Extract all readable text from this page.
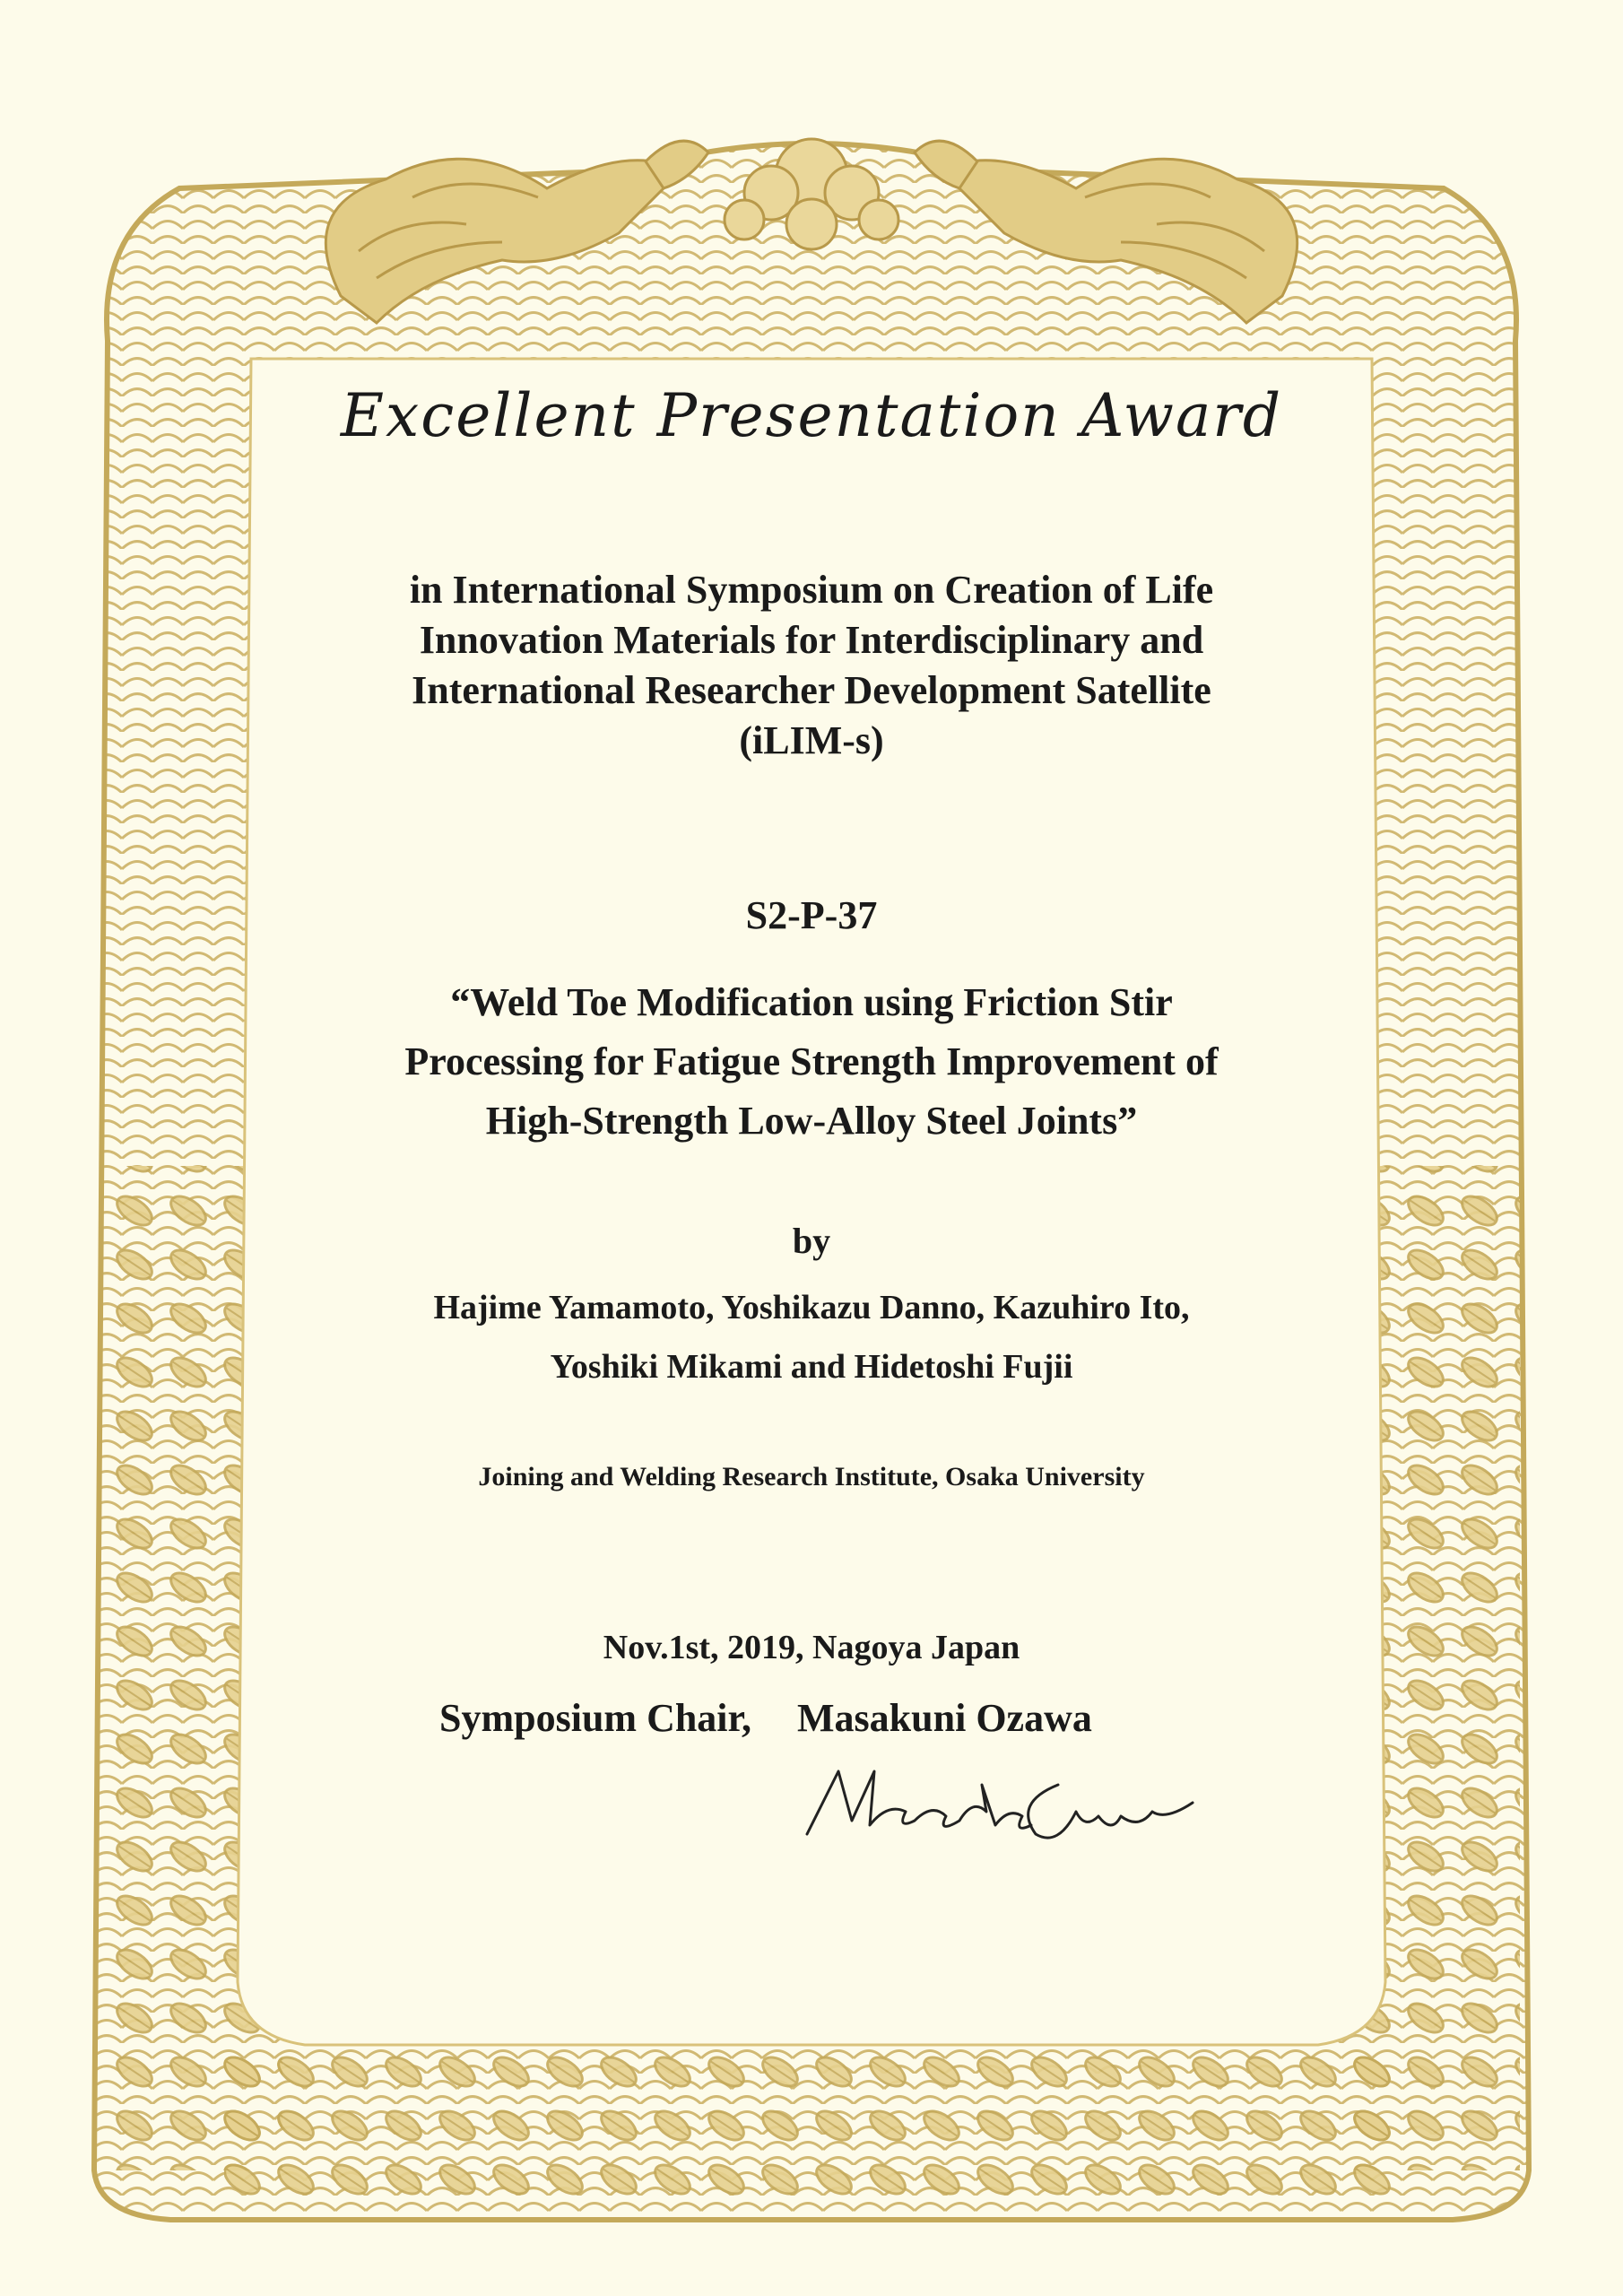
Excellent Presentation Award
in International Symposium on Creation of Life
Innovation Materials for Interdisciplinary and
International Researcher Development Satellite
(iLIM-s)
S2-P-37
“Weld Toe Modification using Friction Stir
Processing for Fatigue Strength Improvement of
High-Strength Low-Alloy Steel Joints”
by
Hajime Yamamoto, Yoshikazu Danno, Kazuhiro Ito,
Yoshiki Mikami and Hidetoshi Fujii
Joining and Welding Research Institute, Osaka University
Nov.1st, 2019, Nagoya Japan
Symposium Chair, Masakuni Ozawa
